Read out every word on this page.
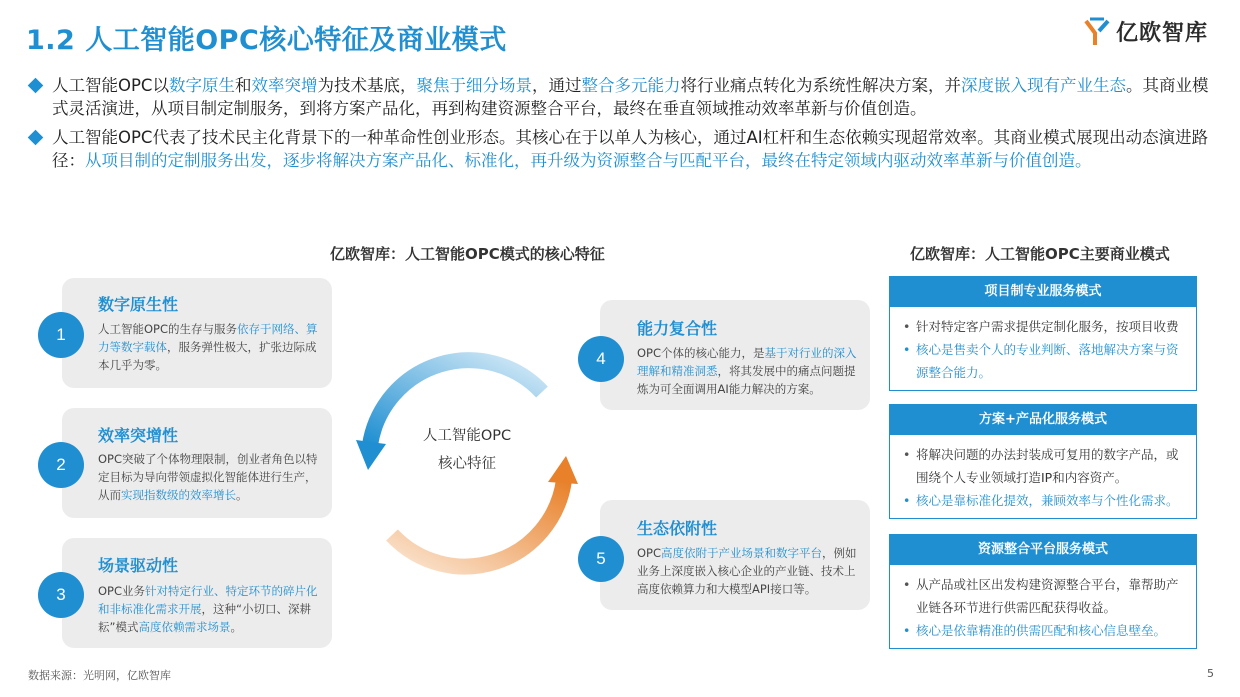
1.2 人工智能OPC核心特征及商业模式	亿欧智库
人工智能OPC以数字原生和效率突增为技术基底，聚焦于细分场景，通过整合多元能力将行业痛点转化为系统性解决方案，并深度嵌入现有产业生态。其商业模式灵活演进，从项目制定制服务，到将方案产品化，再到构建资源整合平台，最终在垂直领域推动效率革新与价值创造。
人工智能OPC代表了技术民主化背景下的一种革命性创业形态。其核心在于以单人为核心，通过AI杠杆和生态依赖实现超常效率。其商业模式展现出动态演进路径：从项目制的定制服务出发，逐步将解决方案产品化、标准化，再升级为资源整合与匹配平台，最终在特定领域内驱动效率革新与价值创造。
亿欧智库：人工智能OPC模式的核心特征	亿欧智库：人工智能OPC主要商业模式
数字原生性
人工智能OPC的生存与服务依存于网络、算力等数字载体，服务弹性极大，扩张边际成本几乎为零。
1
效率突增性
OPC突破了个体物理限制，创业者角色以特定目标为导向带领虚拟化智能体进行生产，从而实现指数级的效率增长。
2
场景驱动性
OPC业务针对特定行业、特定环节的碎片化和非标准化需求开展，这种“小切口、深耕耘”模式高度依赖需求场景。
3
能力复合性
OPC个体的核心能力，是基于对行业的深入理解和精准洞悉，将其发展中的痛点问题提炼为可全面调用AI能力解决的方案。
4
生态依附性
OPC高度依附于产业场景和数字平台，例如业务上深度嵌入核心企业的产业链、技术上高度依赖算力和大模型API接口等。
5
人工智能OPC
核心特征
项目制专业服务模式
• 针对特定客户需求提供定制化服务，按项目收费
• 核心是售卖个人的专业判断、落地解决方案与资源整合能力。
方案+产品化服务模式
• 将解决问题的办法封装成可复用的数字产品，或围绕个人专业领域打造IP和内容资产。
• 核心是靠标准化提效，兼顾效率与个性化需求。
资源整合平台服务模式
• 从产品或社区出发构建资源整合平台，靠帮助产业链各环节进行供需匹配获得收益。
• 核心是依靠精准的供需匹配和核心信息壁垒。
数据来源：光明网，亿欧智库	5
